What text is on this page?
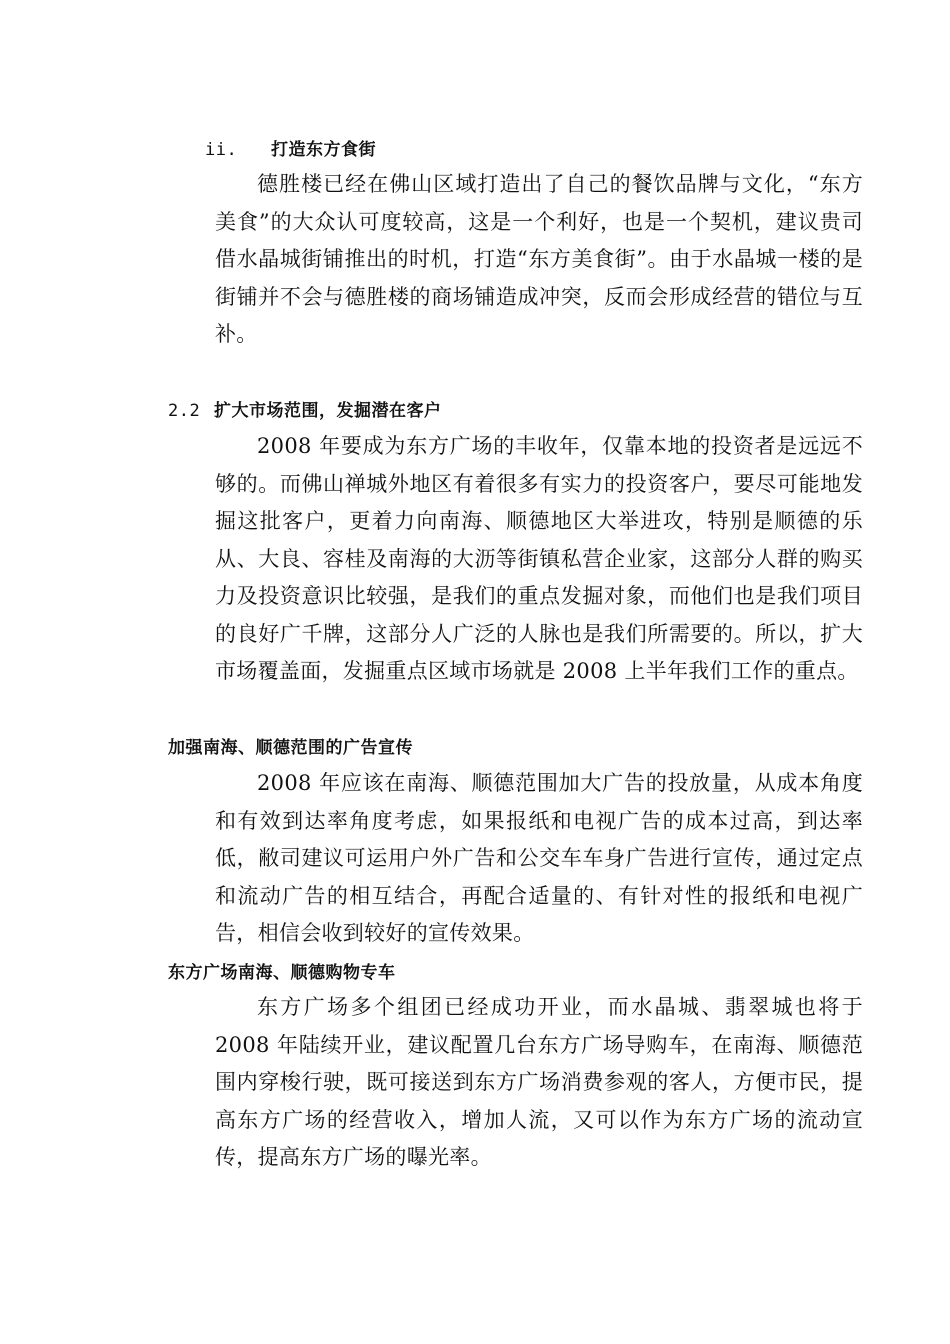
ii. 打造东方食街

德胜楼已经在佛山区域打造出了自己的餐饮品牌与文化，“东方美食”的大众认可度较高，这是一个利好，也是一个契机，建议贵司借水晶城街铺推出的时机，打造“东方美食街”。由于水晶城一楼的是街铺并不会与德胜楼的商场铺造成冲突，反而会形成经营的错位与互补。

2.2 扩大市场范围，发掘潜在客户

2008 年要成为东方广场的丰收年，仅靠本地的投资者是远远不够的。而佛山禅城外地区有着很多有实力的投资客户，要尽可能地发掘这批客户，更着力向南海、顺德地区大举进攻，特别是顺德的乐从、大良、容桂及南海的大沥等街镇私营企业家，这部分人群的购买力及投资意识比较强，是我们的重点发掘对象，而他们也是我们项目的良好广千牌，这部分人广泛的人脉也是我们所需要的。所以，扩大市场覆盖面，发掘重点区域市场就是 2008 上半年我们工作的重点。

加强南海、顺德范围的广告宣传

2008 年应该在南海、顺德范围加大广告的投放量，从成本角度和有效到达率角度考虑，如果报纸和电视广告的成本过高，到达率低，敝司建议可运用户外广告和公交车车身广告进行宣传，通过定点和流动广告的相互结合，再配合适量的、有针对性的报纸和电视广告，相信会收到较好的宣传效果。

东方广场南海、顺德购物专车

东方广场多个组团已经成功开业，而水晶城、翡翠城也将于 2008 年陆续开业，建议配置几台东方广场导购车，在南海、顺德范围内穿梭行驶，既可接送到东方广场消费参观的客人，方便市民，提高东方广场的经营收入，增加人流，又可以作为东方广场的流动宣传，提高东方广场的曝光率。
